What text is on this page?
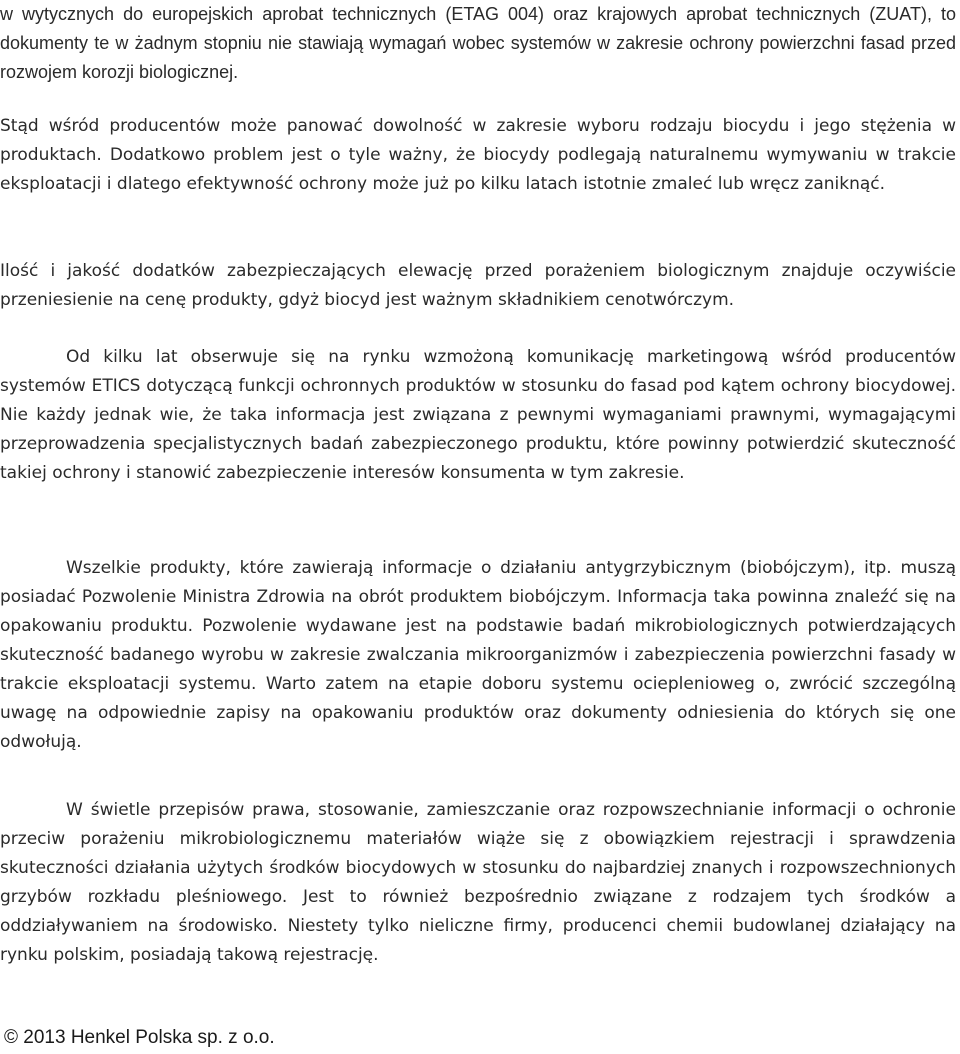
w wytycznych do europejskich aprobat technicznych (ETAG 004) oraz krajowych aprobat technicznych (ZUAT), to dokumenty te w żadnym stopniu nie stawiają wymagań wobec systemów w zakresie ochrony powierzchni fasad przed rozwojem korozji biologicznej.

Stąd wśród producentów może panować dowolność w zakresie wyboru rodzaju biocydu i jego stężenia w produktach. Dodatkowo problem jest o tyle ważny, że biocydy podlegają naturalnemu wymywaniu w trakcie eksploatacji i dlatego efektywność ochrony może już po kilku latach istotnie zmaleć lub wręcz zaniknąć.

Ilość i jakość dodatków zabezpieczających elewację przed porażeniem biologicznym znajduje oczywiście przeniesienie na cenę produkty, gdyż biocyd jest ważnym składnikiem cenotwórczym.

Od kilku lat obserwuje się na rynku wzmożoną komunikację marketingową wśród producentów systemów ETICS dotyczącą funkcji ochronnych produktów w stosunku do fasad pod kątem ochrony biocydowej. Nie każdy jednak wie, że taka informacja jest związana z pewnymi wymaganiami prawnymi, wymagającymi przeprowadzenia specjalistycznych badań zabezpieczonego produktu, które powinny potwierdzić skuteczność takiej ochrony i stanowić zabezpieczenie interesów konsumenta w tym zakresie.

Wszelkie produkty, które zawierają informacje o działaniu antygrzybicznym (biobójczym), itp. muszą posiadać Pozwolenie Ministra Zdrowia na obrót produktem biobójczym. Informacja taka powinna znaleźć się na opakowaniu produktu. Pozwolenie wydawane jest na podstawie badań mikrobiologicznych potwierdzających skuteczność badanego wyrobu w zakresie zwalczania mikroorganizmów i zabezpieczenia powierzchni fasady w trakcie eksploatacji systemu. Warto zatem na etapie doboru systemu ocieplenioweg o, zwrócić szczególną uwagę na odpowiednie zapisy na opakowaniu produktów oraz dokumenty odniesienia do których się one odwołują.

W świetle przepisów prawa, stosowanie, zamieszczanie oraz rozpowszechnianie informacji o ochronie przeciw porażeniu mikrobiologicznemu materiałów wiąże się z obowiązkiem rejestracji i sprawdzenia skuteczności działania użytych środków biocydowych w stosunku do najbardziej znanych i rozpowszechnionych grzybów rozkładu pleśniowego. Jest to również bezpośrednio związane z rodzajem tych środków a oddziaływaniem na środowisko. Niestety tylko nieliczne firmy, producenci chemii budowlanej działający na rynku polskim, posiadają takową rejestrację.

© 2013 Henkel Polska sp. z o.o.
